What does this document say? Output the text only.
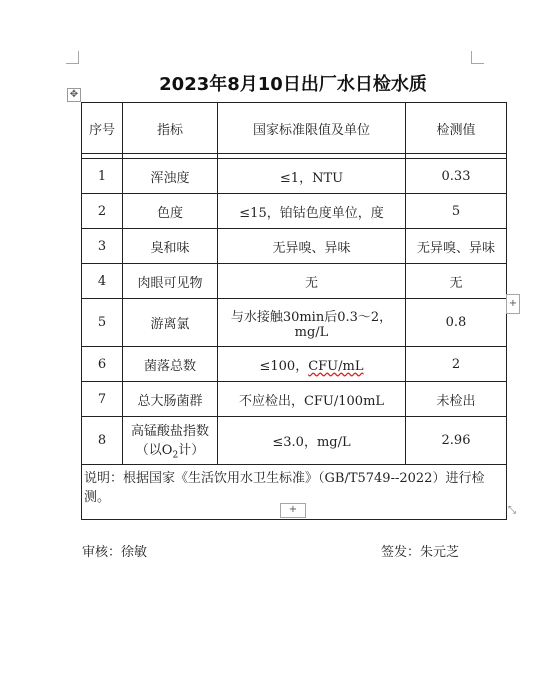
✥	2023年8月10日出厂水日检水质
序号	指标	国家标准限值及单位	检测值

1	浑浊度	≤1，NTU	0.33
2	色度	≤15，铂钴色度单位，度	5
3	臭和味	无异嗅、异味	无异嗅、异味
4	肉眼可见物	无	无
5	游离氯	与水接触30min后0.3～2，
mg/L	0.8
6	菌落总数	≤100，CFU/mL	2
7	总大肠菌群	不应检出，CFU/100mL	未检出
8	高锰酸盐指数
（以$O_2$计）	≤3.0，mg/L	2.96
说明：根据国家《生活饮用水卫生标准》（GB/T5749--2022）进行检测。			
+
+	⤡
审核：徐敏	签发：朱元芝
